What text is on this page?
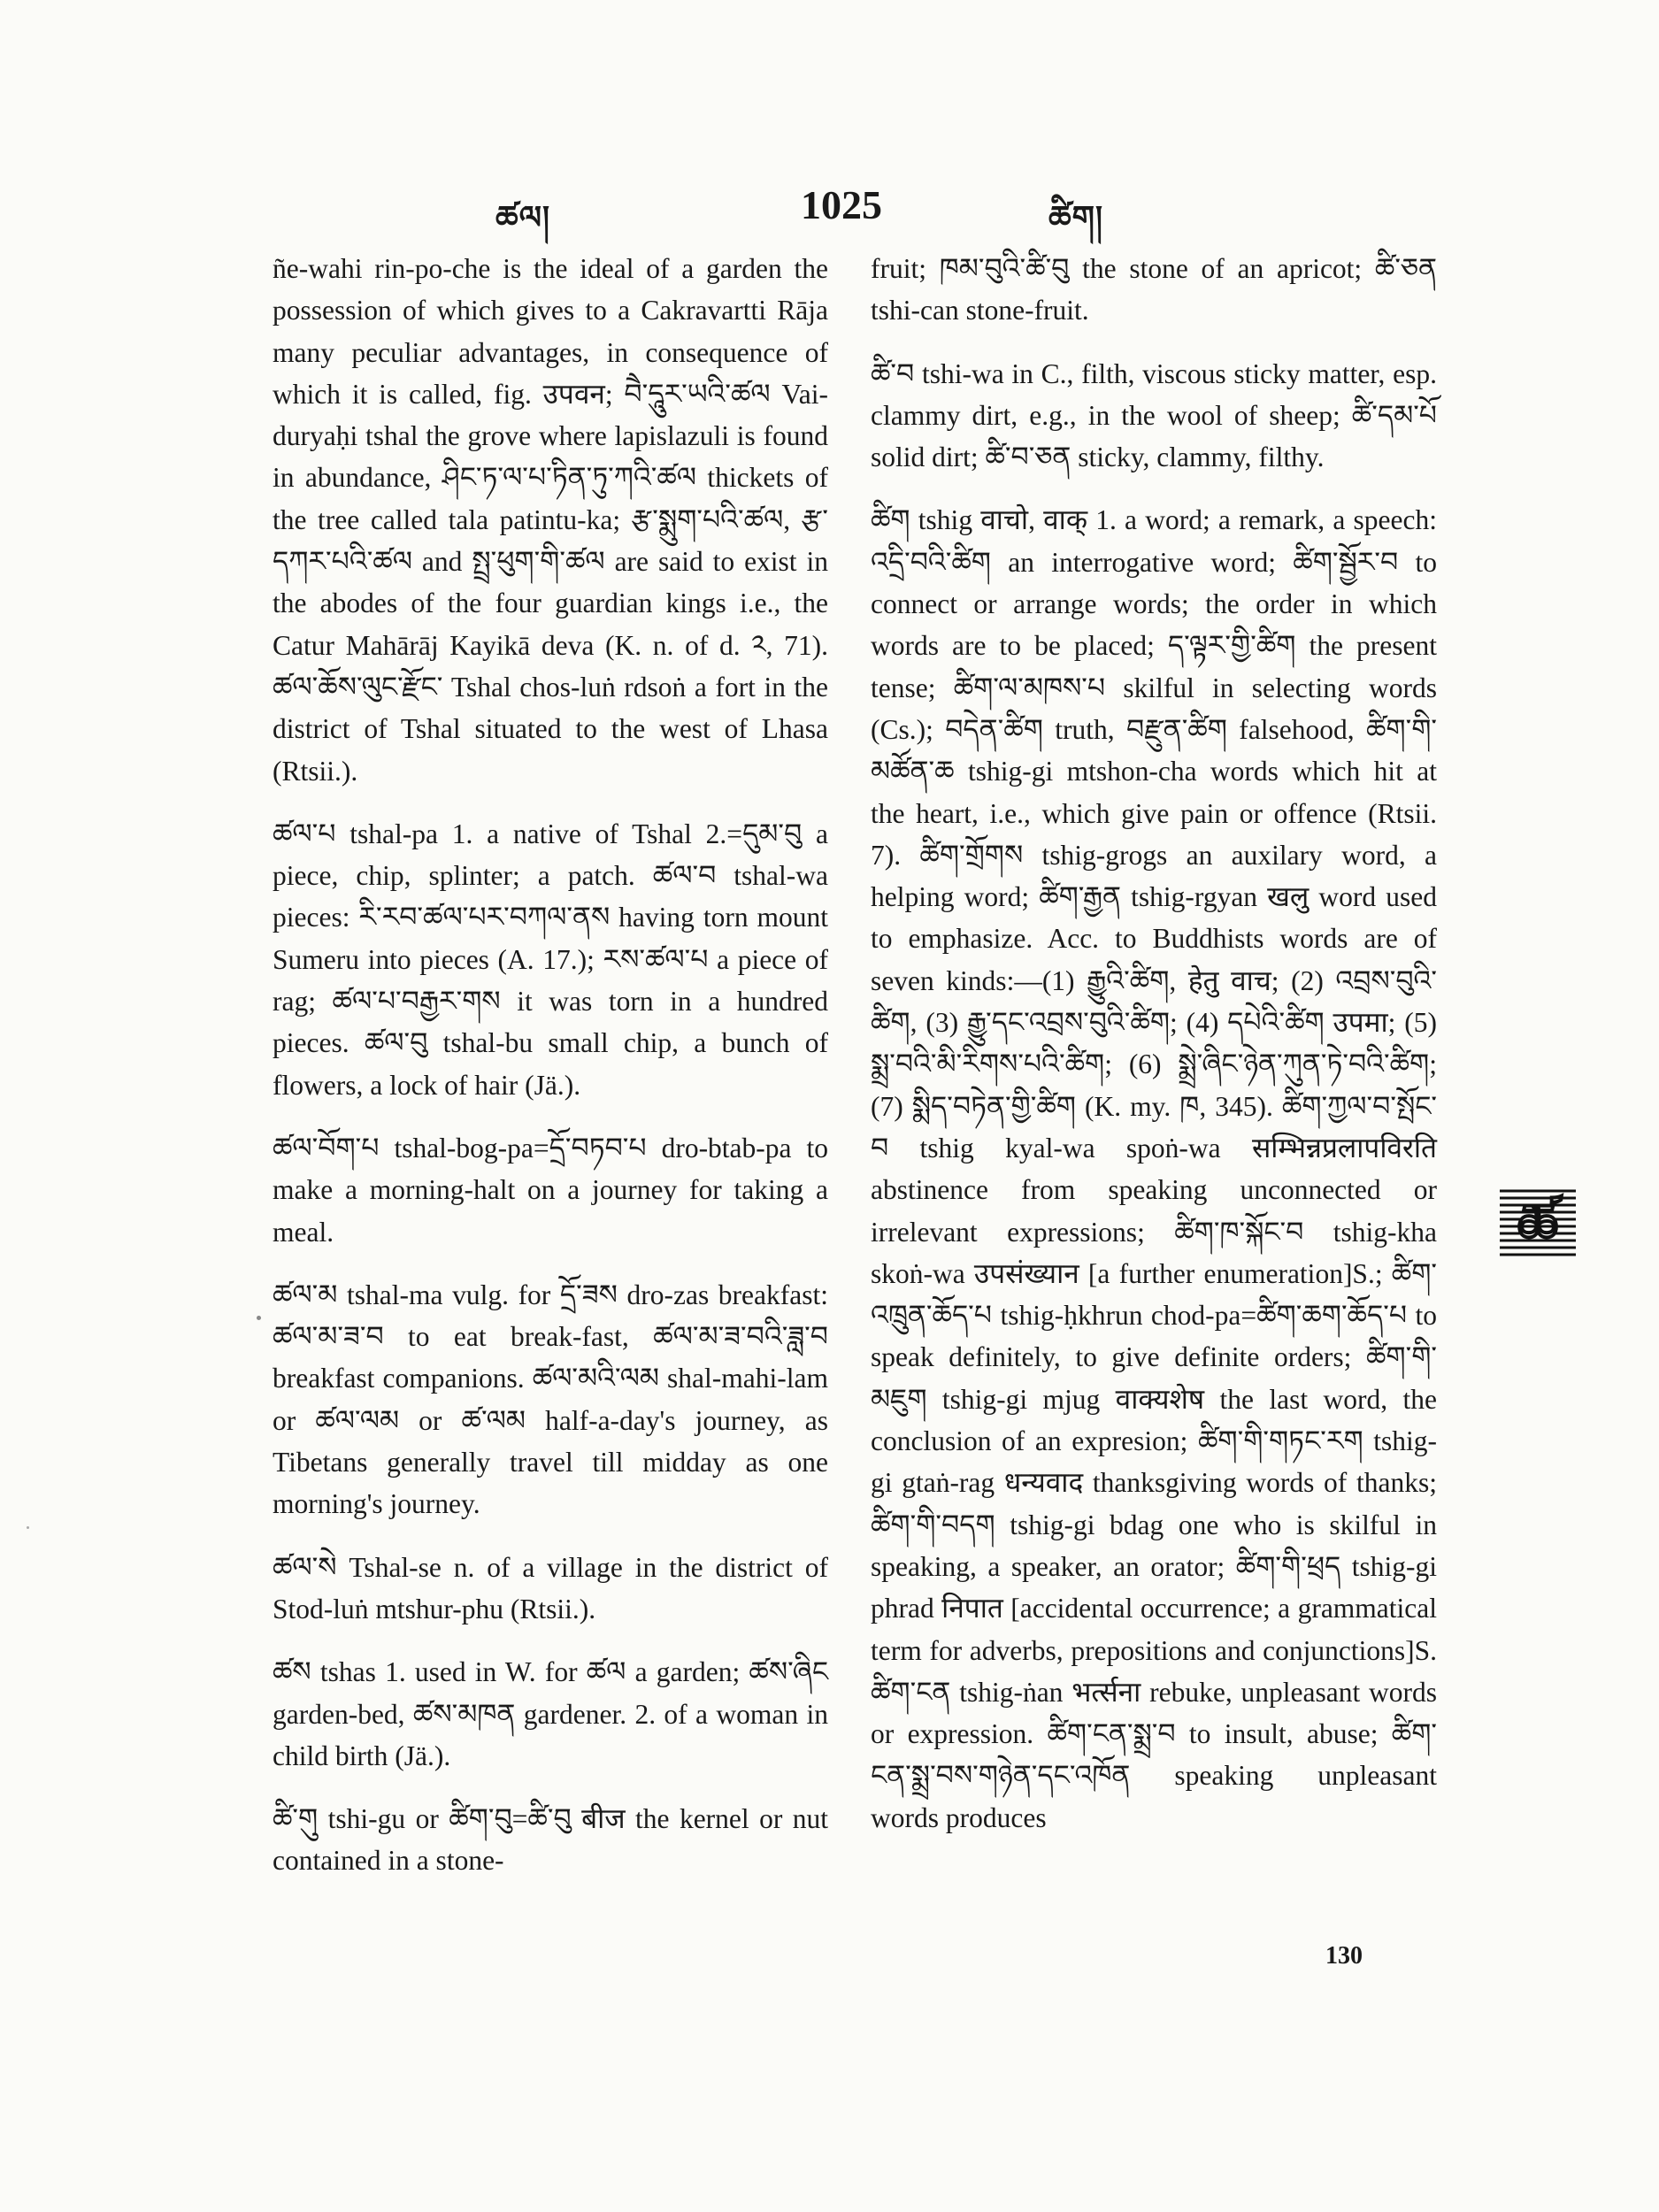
ཚལ།	1025	ཚིག།

ñe-wahi rin-po-che is the ideal of a garden the possession of which gives to a Cakravartti Rāja many peculiar advantages, in consequence of which it is called, fig. उपवन; བཻ་དཱུར་ཡའི་ཚལ Vai-duryaḥi tshal the grove where lapislazuli is found in abundance, ཤིང་ཏ་ལ་པ་ཏིན་ཏུ་ཀའི་ཚལ thickets of the tree called tala patintu-ka; རྩ་སྨུག་པའི་ཚལ, རྩ་དཀར་པའི་ཚལ and སྤྲ་ཕུག་གི་ཚལ are said to exist in the abodes of the four guardian kings i.e., the Catur Mahārāj Kayikā deva (K. n. of d. ༢, 71). ཚལ་ཆོས་ལུང་རྫོང་ Tshal chos-luṅ rdsoṅ a fort in the district of Tshal situated to the west of Lhasa (Rtsii.).

ཚལ་པ tshal-pa 1. a native of Tshal 2.=དུམ་བུ a piece, chip, splinter; a patch. ཚལ་བ tshal-wa pieces: རི་རབ་ཚལ་པར་བཀལ་ནས having torn mount Sumeru into pieces (A. 17.); རས་ཚལ་པ a piece of rag; ཚལ་པ་བརྒྱར་གས it was torn in a hundred pieces. ཚལ་བུ tshal-bu small chip, a bunch of flowers, a lock of hair (Jä.).

ཚལ་བོག་པ tshal-bog-pa=དྲོ་བཏབ་པ dro-btab-pa to make a morning-halt on a journey for taking a meal.

ཚལ་མ tshal-ma vulg. for དྲོ་ཟས dro-zas breakfast: ཚལ་མ་ཟ་བ to eat break-fast, ཚལ་མ་ཟ་བའི་ཟླ་བ breakfast companions. ཚལ་མའི་ལམ shal-mahi-lam or ཚལ་ལམ or ཚ་ལམ half-a-day's journey, as Tibetans generally travel till midday as one morning's journey.

ཚལ་སེ Tshal-se n. of a village in the district of Stod-luṅ mtshur-phu (Rtsii.).

ཚས tshas 1. used in W. for ཚལ a garden; ཚས་ཞིང garden-bed, ཚས་མཁན gardener. 2. of a woman in child birth (Jä.).

ཚི་གུ tshi-gu or ཚིག་བུ=ཚི་བུ बीज the kernel or nut contained in a stone-

fruit; ཁམ་བུའི་ཚི་བུ the stone of an apricot; ཚི་ཅན tshi-can stone-fruit.

ཚི་བ tshi-wa in C., filth, viscous sticky matter, esp. clammy dirt, e.g., in the wool of sheep; ཚི་དམ་པོ solid dirt; ཚི་བ་ཅན sticky, clammy, filthy.

ཚིག tshig वाचो, वाक् 1. a word; a remark, a speech: འདྲི་བའི་ཚིག an interrogative word; ཚིག་སྦྱོར་བ to connect or arrange words; the order in which words are to be placed; ད་ལྟར་གྱི་ཚིག the present tense; ཚིག་ལ་མཁས་པ skilful in selecting words (Cs.); བདེན་ཚིག truth, བརྫུན་ཚིག falsehood, ཚིག་གི་མཚོན་ཆ tshig-gi mtshon-cha words which hit at the heart, i.e., which give pain or offence (Rtsii. 7). ཚིག་གྲོགས tshig-grogs an auxilary word, a helping word; ཚིག་རྒྱན tshig-rgyan खलु word used to emphasize. Acc. to Buddhists words are of seven kinds:—(1) རྒྱུའི་ཚིག, हेतु वाच; (2) འབྲས་བུའི་ཚིག, (3) རྒྱུ་དང་འབྲས་བུའི་ཚིག; (4) དཔེའི་ཚིག उपमा; (5) སྨྲ་བའི་མི་རིགས་པའི་ཚིག; (6) སྨྲེ་ཞིང་ཉེན་ཀུན་ཏེ་བའི་ཚིག; (7) སྨིད་བཏེན་གྱི་ཚིག (K. my. ཁ, 345). ཚིག་ཀྱལ་བ་སྤོང་བ tshig kyal-wa spoṅ-wa सम्भिन्नप्रलापविरति abstinence from speaking unconnected or irrelevant expressions; ཚིག་ཁ་སྐོང་བ tshig-kha skoṅ-wa उपसंख्यान [a further enumeration]S.; ཚིག་འཁྲུན་ཆོད་པ tshig-ḥkhrun chod-pa=ཚིག་ཆག་ཆོད་པ to speak definitely, to give definite orders; ཚིག་གི་མཇུག tshig-gi mjug वाक्यशेष the last word, the conclusion of an expresion; ཚིག་གི་གཏང་རག tshig-gi gtaṅ-rag धन्यवाद thanksgiving words of thanks; ཚིག་གི་བདག tshig-gi bdag one who is skilful in speaking, a speaker, an orator; ཚིག་གི་ཕྲད tshig-gi phrad निपात [accidental occurrence; a grammatical term for adverbs, prepositions and conjunctions]S. ཚིག་ངན tshig-ṅan भर्त्सना rebuke, unpleasant words or expression. ཚིག་ངན་སྨྲ་བ to insult, abuse; ཚིག་ངན་སྨྲ་བས་གཉེན་དང་འཁོན speaking unpleasant words produces

ཚ
130
